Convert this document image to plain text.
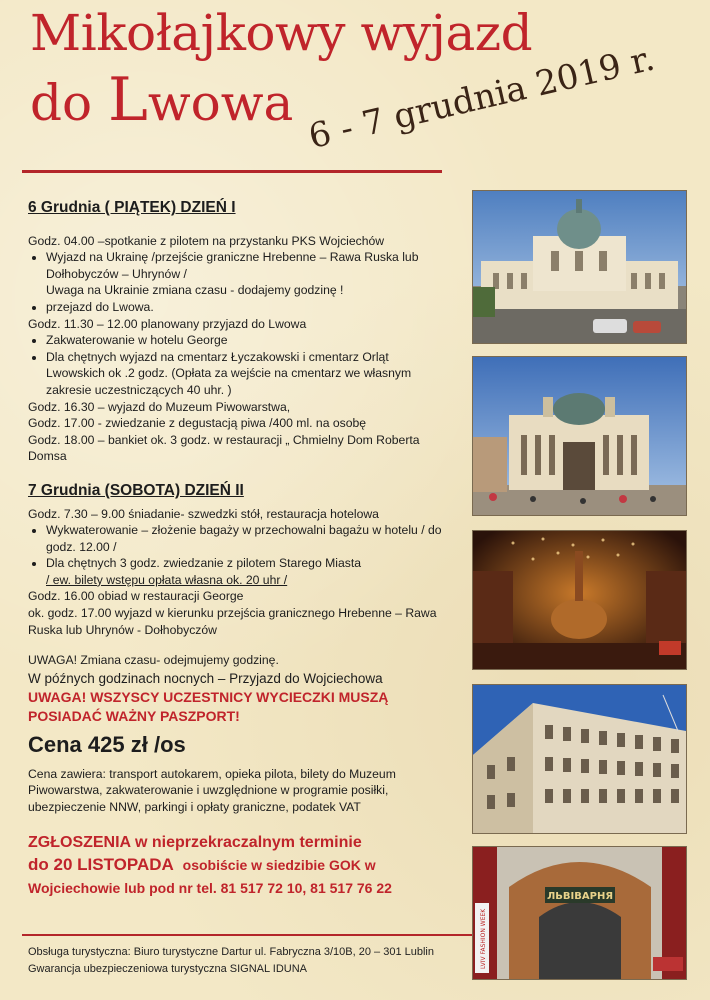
Mikołajkowy wyjazd
do Lwowa 6 - 7 grudnia 2019 r.

6 Grudnia ( PIĄTEK) DZIEŃ I

Godz. 04.00 –spotkanie z pilotem na przystanku PKS Wojciechów

• Wyjazd na Ukrainę /przejście graniczne Hrebenne – Rawa Ruska lub Dołhobyczów – Uhrynów /
Uwaga na Ukrainie zmiana czasu - dodajemy godzinę !
• przejazd do Lwowa.

Godz. 11.30 – 12.00 planowany przyjazd do Lwowa

• Zakwaterowanie w hotelu George
• Dla chętnych wyjazd na cmentarz Łyczakowski i cmentarz Orląt Lwowskich ok .2 godz. (Opłata za wejście na cmentarz we własnym zakresie uczestniczących 40 uhr. )

Godz. 16.30 – wyjazd do Muzeum Piwowarstwa,

Godz. 17.00 - zwiedzanie z degustacją piwa /400 ml. na osobę

Godz. 18.00 – bankiet ok. 3 godz. w restauracji „ Chmielny Dom Roberta Domsa

7 Grudnia (SOBOTA) DZIEŃ II

Godz. 7.30 – 9.00 śniadanie- szwedzki stół, restauracja hotelowa

• Wykwaterowanie – złożenie bagaży w przechowalni bagażu w hotelu / do godz. 12.00 /
• Dla chętnych 3 godz. zwiedzanie z pilotem Starego Miasta
/ ew. bilety wstępu opłata własna ok. 20 uhr /

Godz. 16.00 obiad w restauracji George

ok. godz. 17.00 wyjazd w kierunku przejścia granicznego Hrebenne – Rawa Ruska lub Uhrynów - Dołhobyczów

UWAGA! Zmiana czasu- odejmujemy godzinę.

W późnych godzinach nocnych – Przyjazd do Wojciechowa

UWAGA! WSZYSCY UCZESTNICY WYCIECZKI MUSZĄ POSIADAĆ WAŻNY PASZPORT!

Cena 425 zł /os

Cena zawiera: transport autokarem, opieka pilota, bilety do Muzeum Piwowarstwa, zakwaterowanie i uwzględnione w programie posiłki, ubezpieczenie NNW, parkingi i opłaty graniczne, podatek VAT

ZGŁOSZENIA w nieprzekraczalnym terminie

do 20 LISTOPADA osobiście w siedzibie GOK w

Wojciechowie lub pod nr tel. 81 517 72 10, 81 517 76 22

Obsługa turystyczna: Biuro turystyczne Dartur ul. Fabryczna 3/10B, 20 – 301 Lublin
Gwarancja ubezpieczeniowa turystyczna SIGNAL IDUNA
ЛЬВІВАРНЯ
LVIV FASHION WEEK
